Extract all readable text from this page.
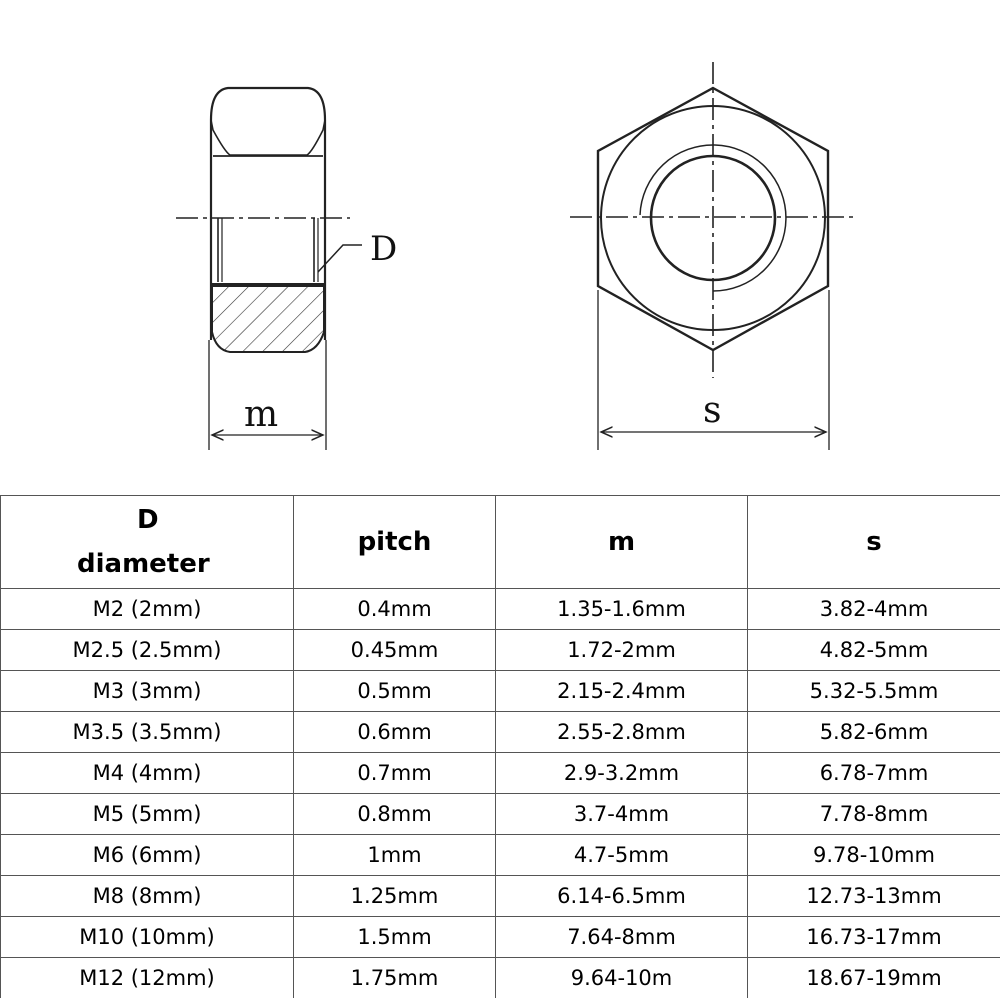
D
m	s
D
diameter	pitch	m	s
M2 (2mm)	0.4mm	1.35-1.6mm	3.82-4mm
M2.5 (2.5mm)	0.45mm	1.72-2mm	4.82-5mm
M3 (3mm)	0.5mm	2.15-2.4mm	5.32-5.5mm
M3.5 (3.5mm)	0.6mm	2.55-2.8mm	5.82-6mm
M4 (4mm)	0.7mm	2.9-3.2mm	6.78-7mm
M5 (5mm)	0.8mm	3.7-4mm	7.78-8mm
M6 (6mm)	1mm	4.7-5mm	9.78-10mm
M8 (8mm)	1.25mm	6.14-6.5mm	12.73-13mm
M10 (10mm)	1.5mm	7.64-8mm	16.73-17mm
M12 (12mm)	1.75mm	9.64-10m	18.67-19mm
